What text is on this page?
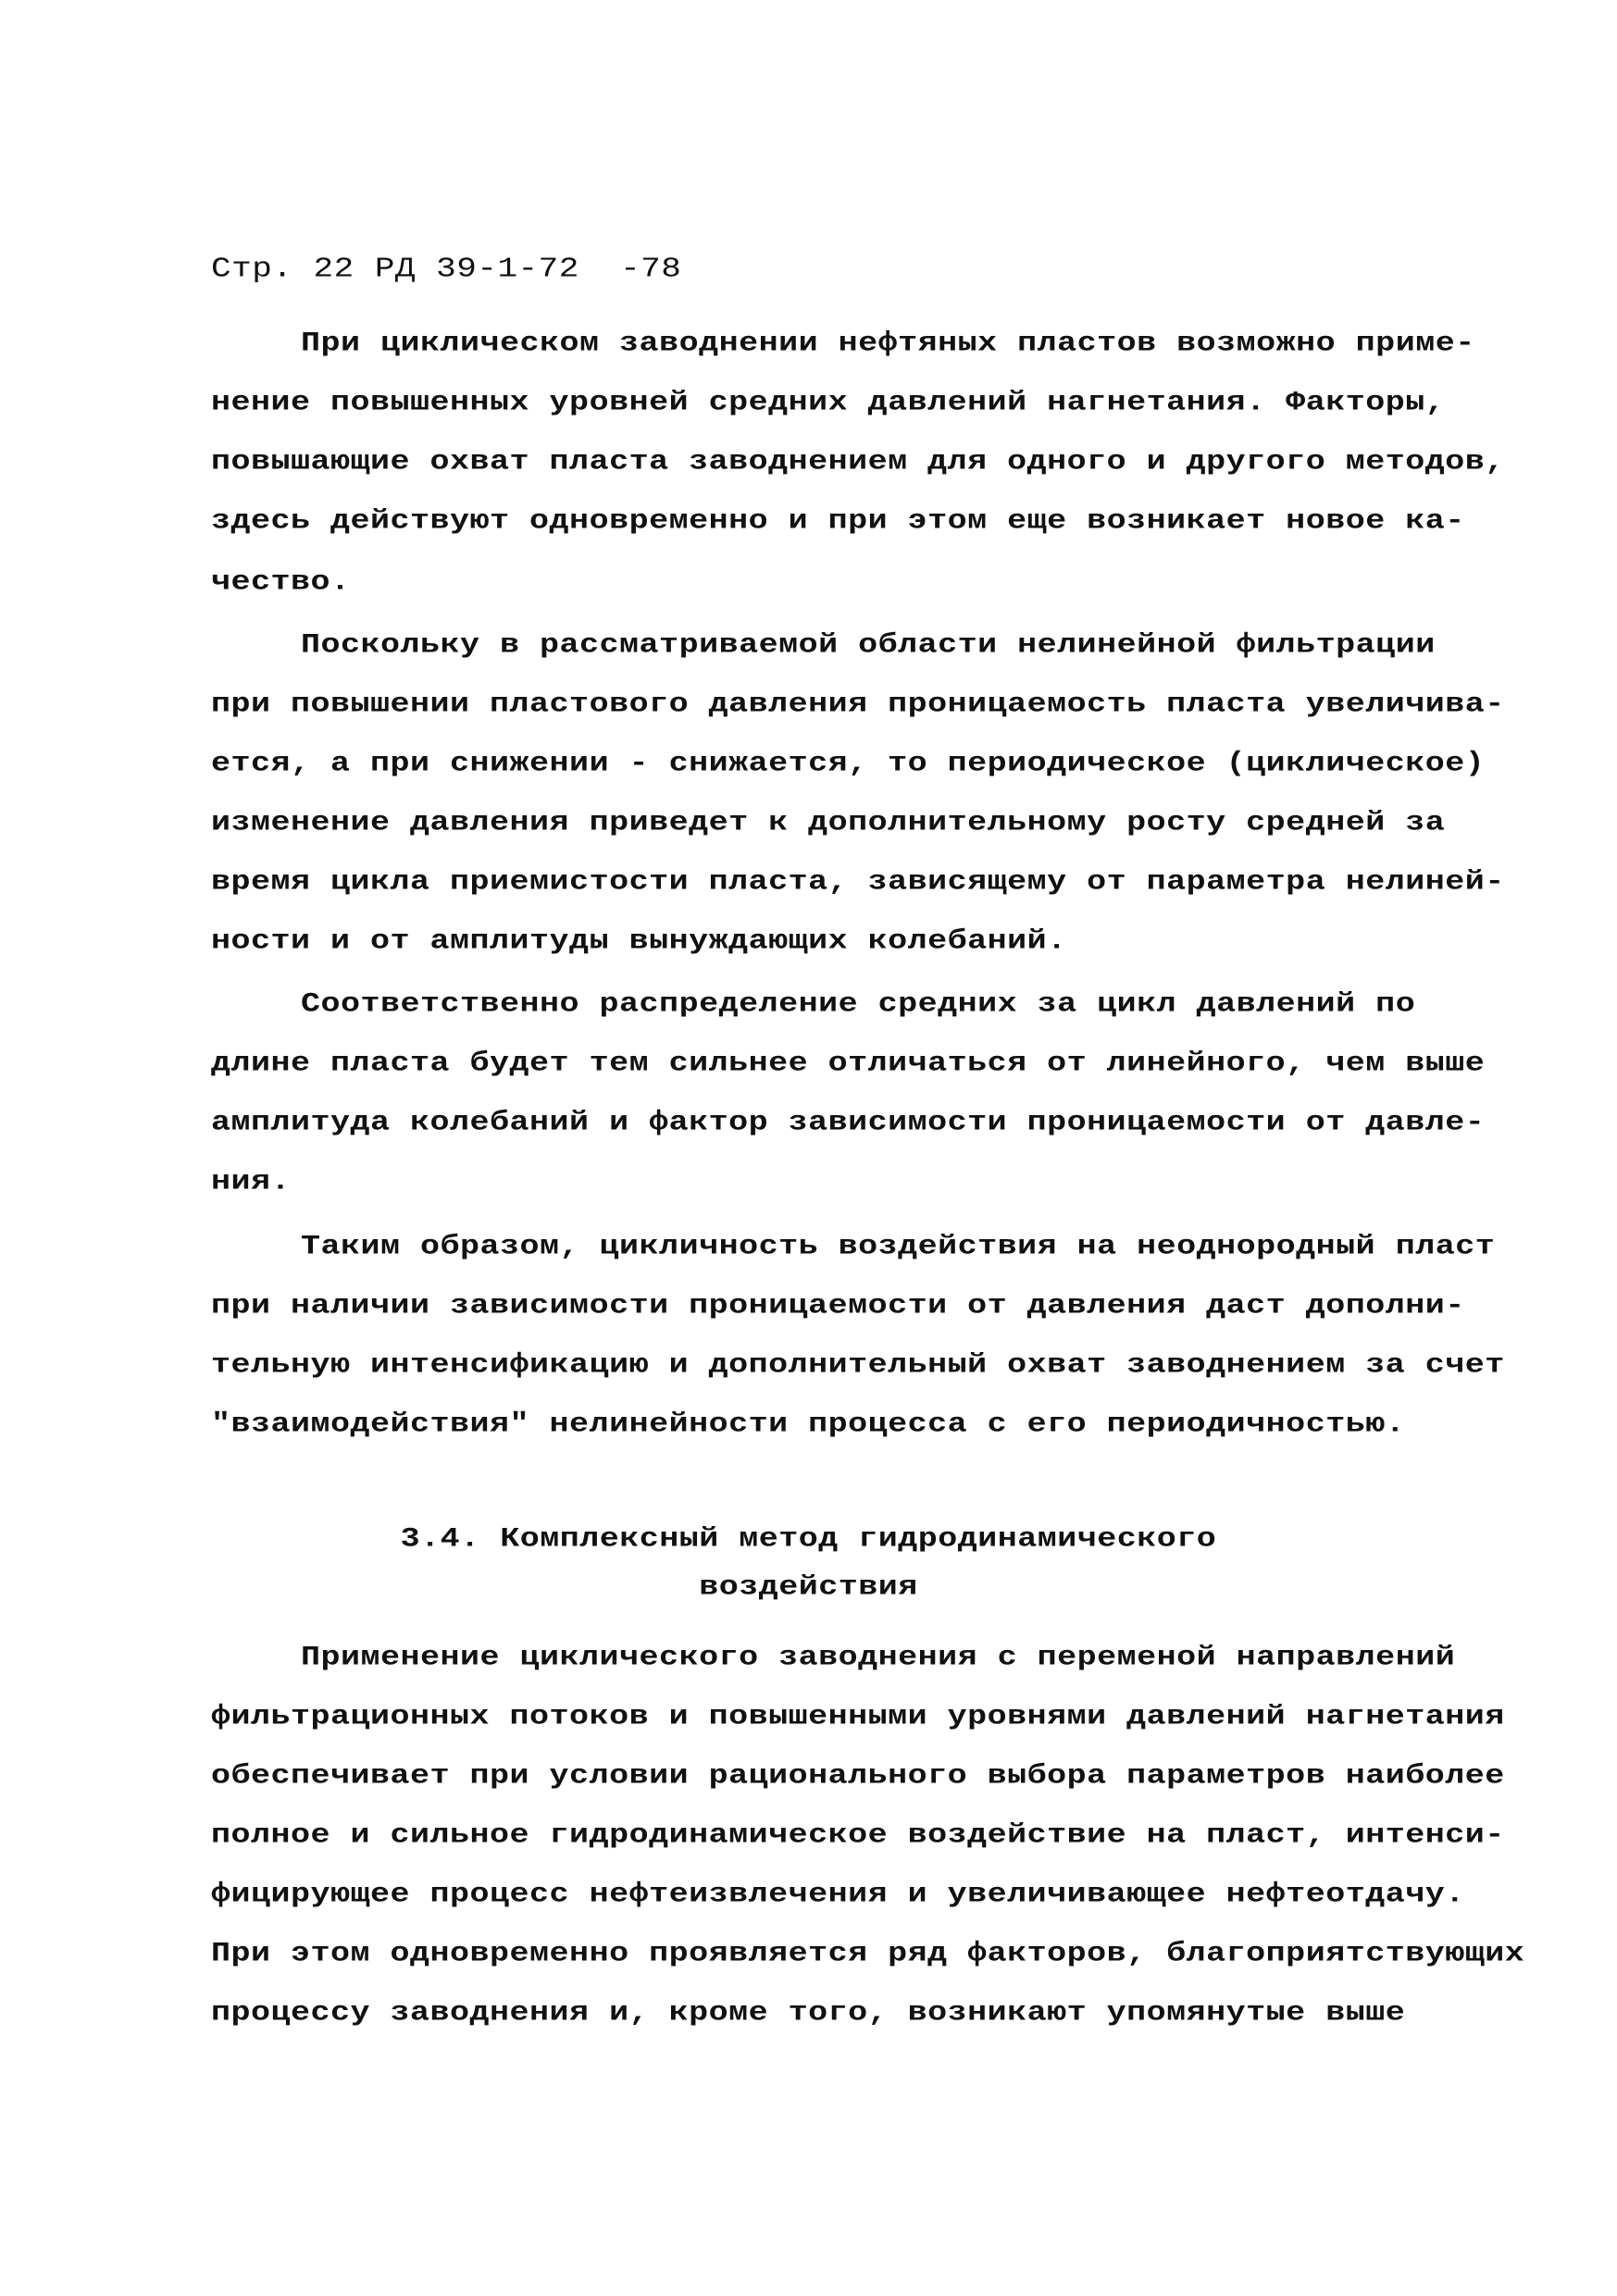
Стр. 22 РД 39-1-72  -78
При циклическом заводнении нефтяных пластов возможно приме-
нение повышенных уровней средних давлений нагнетания. Факторы,
повышающие охват пласта заводнением для одного и другого методов,
здесь действуют одновременно и при этом еще возникает новое ка-
чество.
Поскольку в рассматриваемой области нелинейной фильтрации
при повышении пластового давления проницаемость пласта увеличива-
ется, а при снижении - снижается, то периодическое (циклическое)
изменение давления приведет к дополнительному росту средней за
время цикла приемистости пласта, зависящему от параметра нелиней-
ности и от амплитуды вынуждающих колебаний.
Соответственно распределение средних за цикл давлений по
длине пласта будет тем сильнее отличаться от линейного, чем выше
амплитуда колебаний и фактор зависимости проницаемости от давле-
ния.
Таким образом, цикличность воздействия на неоднородный пласт
при наличии зависимости проницаемости от давления даст дополни-
тельную интенсификацию и дополнительный охват заводнением за счет
"взаимодействия" нелинейности процесса с его периодичностью.
3.4. Комплексный метод гидродинамического
воздействия
Применение циклического заводнения с переменой направлений
фильтрационных потоков и повышенными уровнями давлений нагнетания
обеспечивает при условии рационального выбора параметров наиболее
полное и сильное гидродинамическое воздействие на пласт, интенси-
фицирующее процесс нефтеизвлечения и увеличивающее нефтеотдачу.
При этом одновременно проявляется ряд факторов, благоприятствующих
процессу заводнения и, кроме того, возникают упомянутые выше
